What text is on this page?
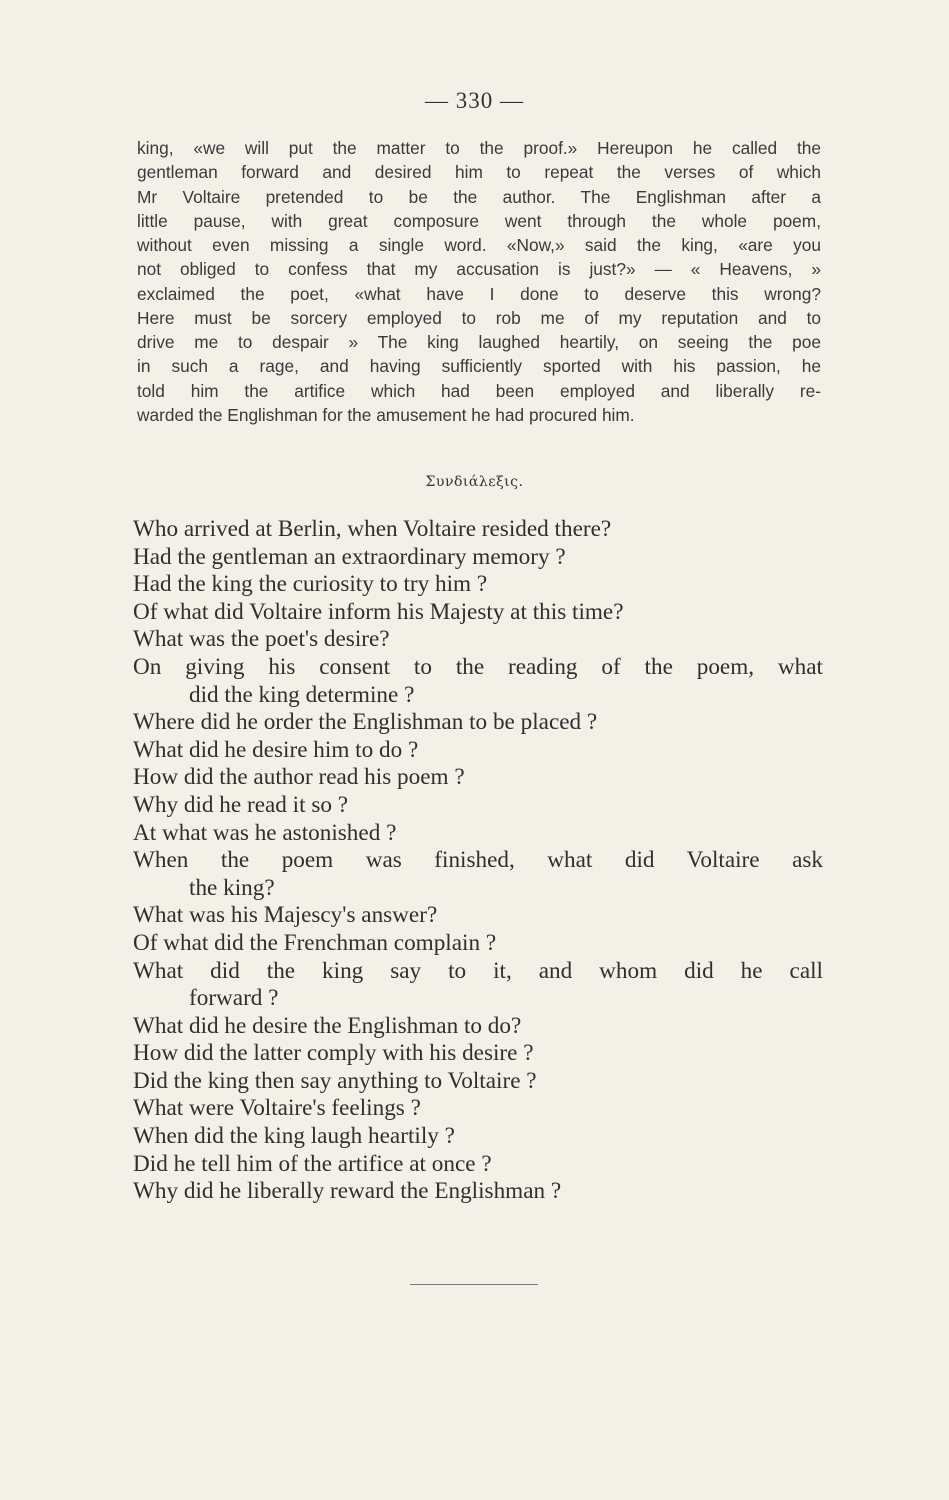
— 330 —
king, «we will put the matter to the proof.» Hereupon he called the
gentleman forward and desired him to repeat the verses of which
Mr Voltaire pretended to be the author. The Englishman after a
little pause, with great composure went through the whole poem,
without even missing a single word. «Now,» said the king, «are you
not obliged to confess that my accusation is just?» — « Heavens, »
exclaimed the poet, «what have I done to deserve this wrong?
Here must be sorcery employed to rob me of my reputation and to
drive me to despair » The king laughed heartily, on seeing the poe
in such a rage, and having sufficiently sported with his passion, he
told him the artifice which had been employed and liberally re-
warded the Englishman for the amusement he had procured him.
Συνδιάλεξις.
Who arrived at Berlin, when Voltaire resided there?
Had the gentleman an extraordinary memory ?
Had the king the curiosity to try him ?
Of what did Voltaire inform his Majesty at this time?
What was the poet's desire?
On giving his consent to the reading of the poem, what
did the king determine ?
Where did he order the Englishman to be placed ?
What did he desire him to do ?
How did the author read his poem ?
Why did he read it so ?
At what was he astonished ?
When the poem was finished, what did Voltaire ask
the king?
What was his Majescy's answer?
Of what did the Frenchman complain ?
What did the king say to it, and whom did he call
forward ?
What did he desire the Englishman to do?
How did the latter comply with his desire ?
Did the king then say anything to Voltaire ?
What were Voltaire's feelings ?
When did the king laugh heartily ?
Did he tell him of the artifice at once ?
Why did he liberally reward the Englishman ?
